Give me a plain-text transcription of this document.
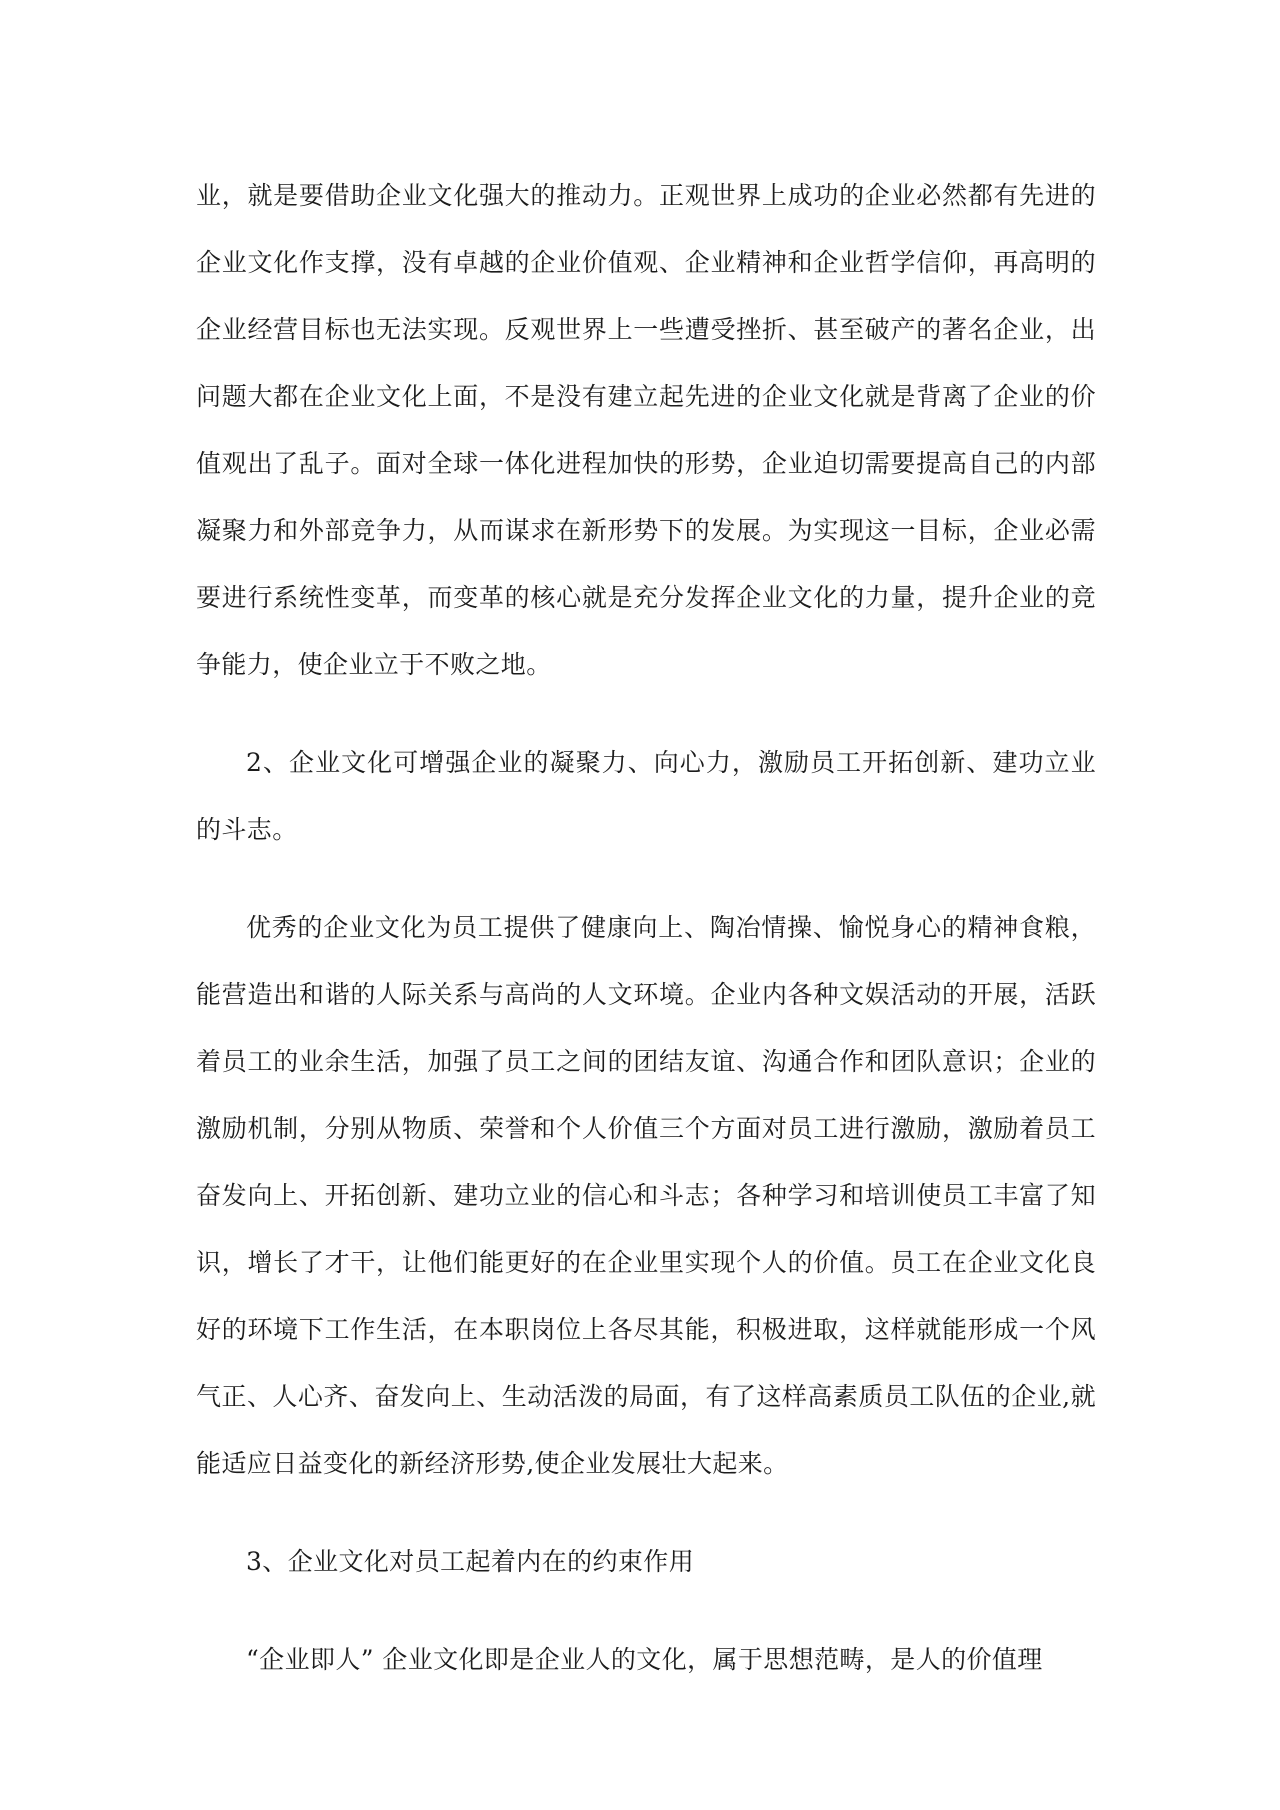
业，就是要借助企业文化强大的推动力。正观世界上成功的企业必然都有先进的企业文化作支撑，没有卓越的企业价值观、企业精神和企业哲学信仰，再高明的企业经营目标也无法实现。反观世界上一些遭受挫折、甚至破产的著名企业，出问题大都在企业文化上面，不是没有建立起先进的企业文化就是背离了企业的价值观出了乱子。面对全球一体化进程加快的形势，企业迫切需要提高自己的内部凝聚力和外部竞争力，从而谋求在新形势下的发展。为实现这一目标，企业必需要进行系统性变革，而变革的核心就是充分发挥企业文化的力量，提升企业的竞争能力，使企业立于不败之地。

2、企业文化可增强企业的凝聚力、向心力，激励员工开拓创新、建功立业的斗志。

优秀的企业文化为员工提供了健康向上、陶冶情操、愉悦身心的精神食粮，能营造出和谐的人际关系与高尚的人文环境。企业内各种文娱活动的开展，活跃着员工的业余生活，加强了员工之间的团结友谊、沟通合作和团队意识；企业的激励机制，分别从物质、荣誉和个人价值三个方面对员工进行激励，激励着员工奋发向上、开拓创新、建功立业的信心和斗志；各种学习和培训使员工丰富了知识，增长了才干，让他们能更好的在企业里实现个人的价值。员工在企业文化良好的环境下工作生活，在本职岗位上各尽其能，积极进取，这样就能形成一个风气正、人心齐、奋发向上、生动活泼的局面，有了这样高素质员工队伍的企业,就能适应日益变化的新经济形势,使企业发展壮大起来。

3、企业文化对员工起着内在的约束作用

“企业即人” 企业文化即是企业人的文化，属于思想范畴，是人的价值理
